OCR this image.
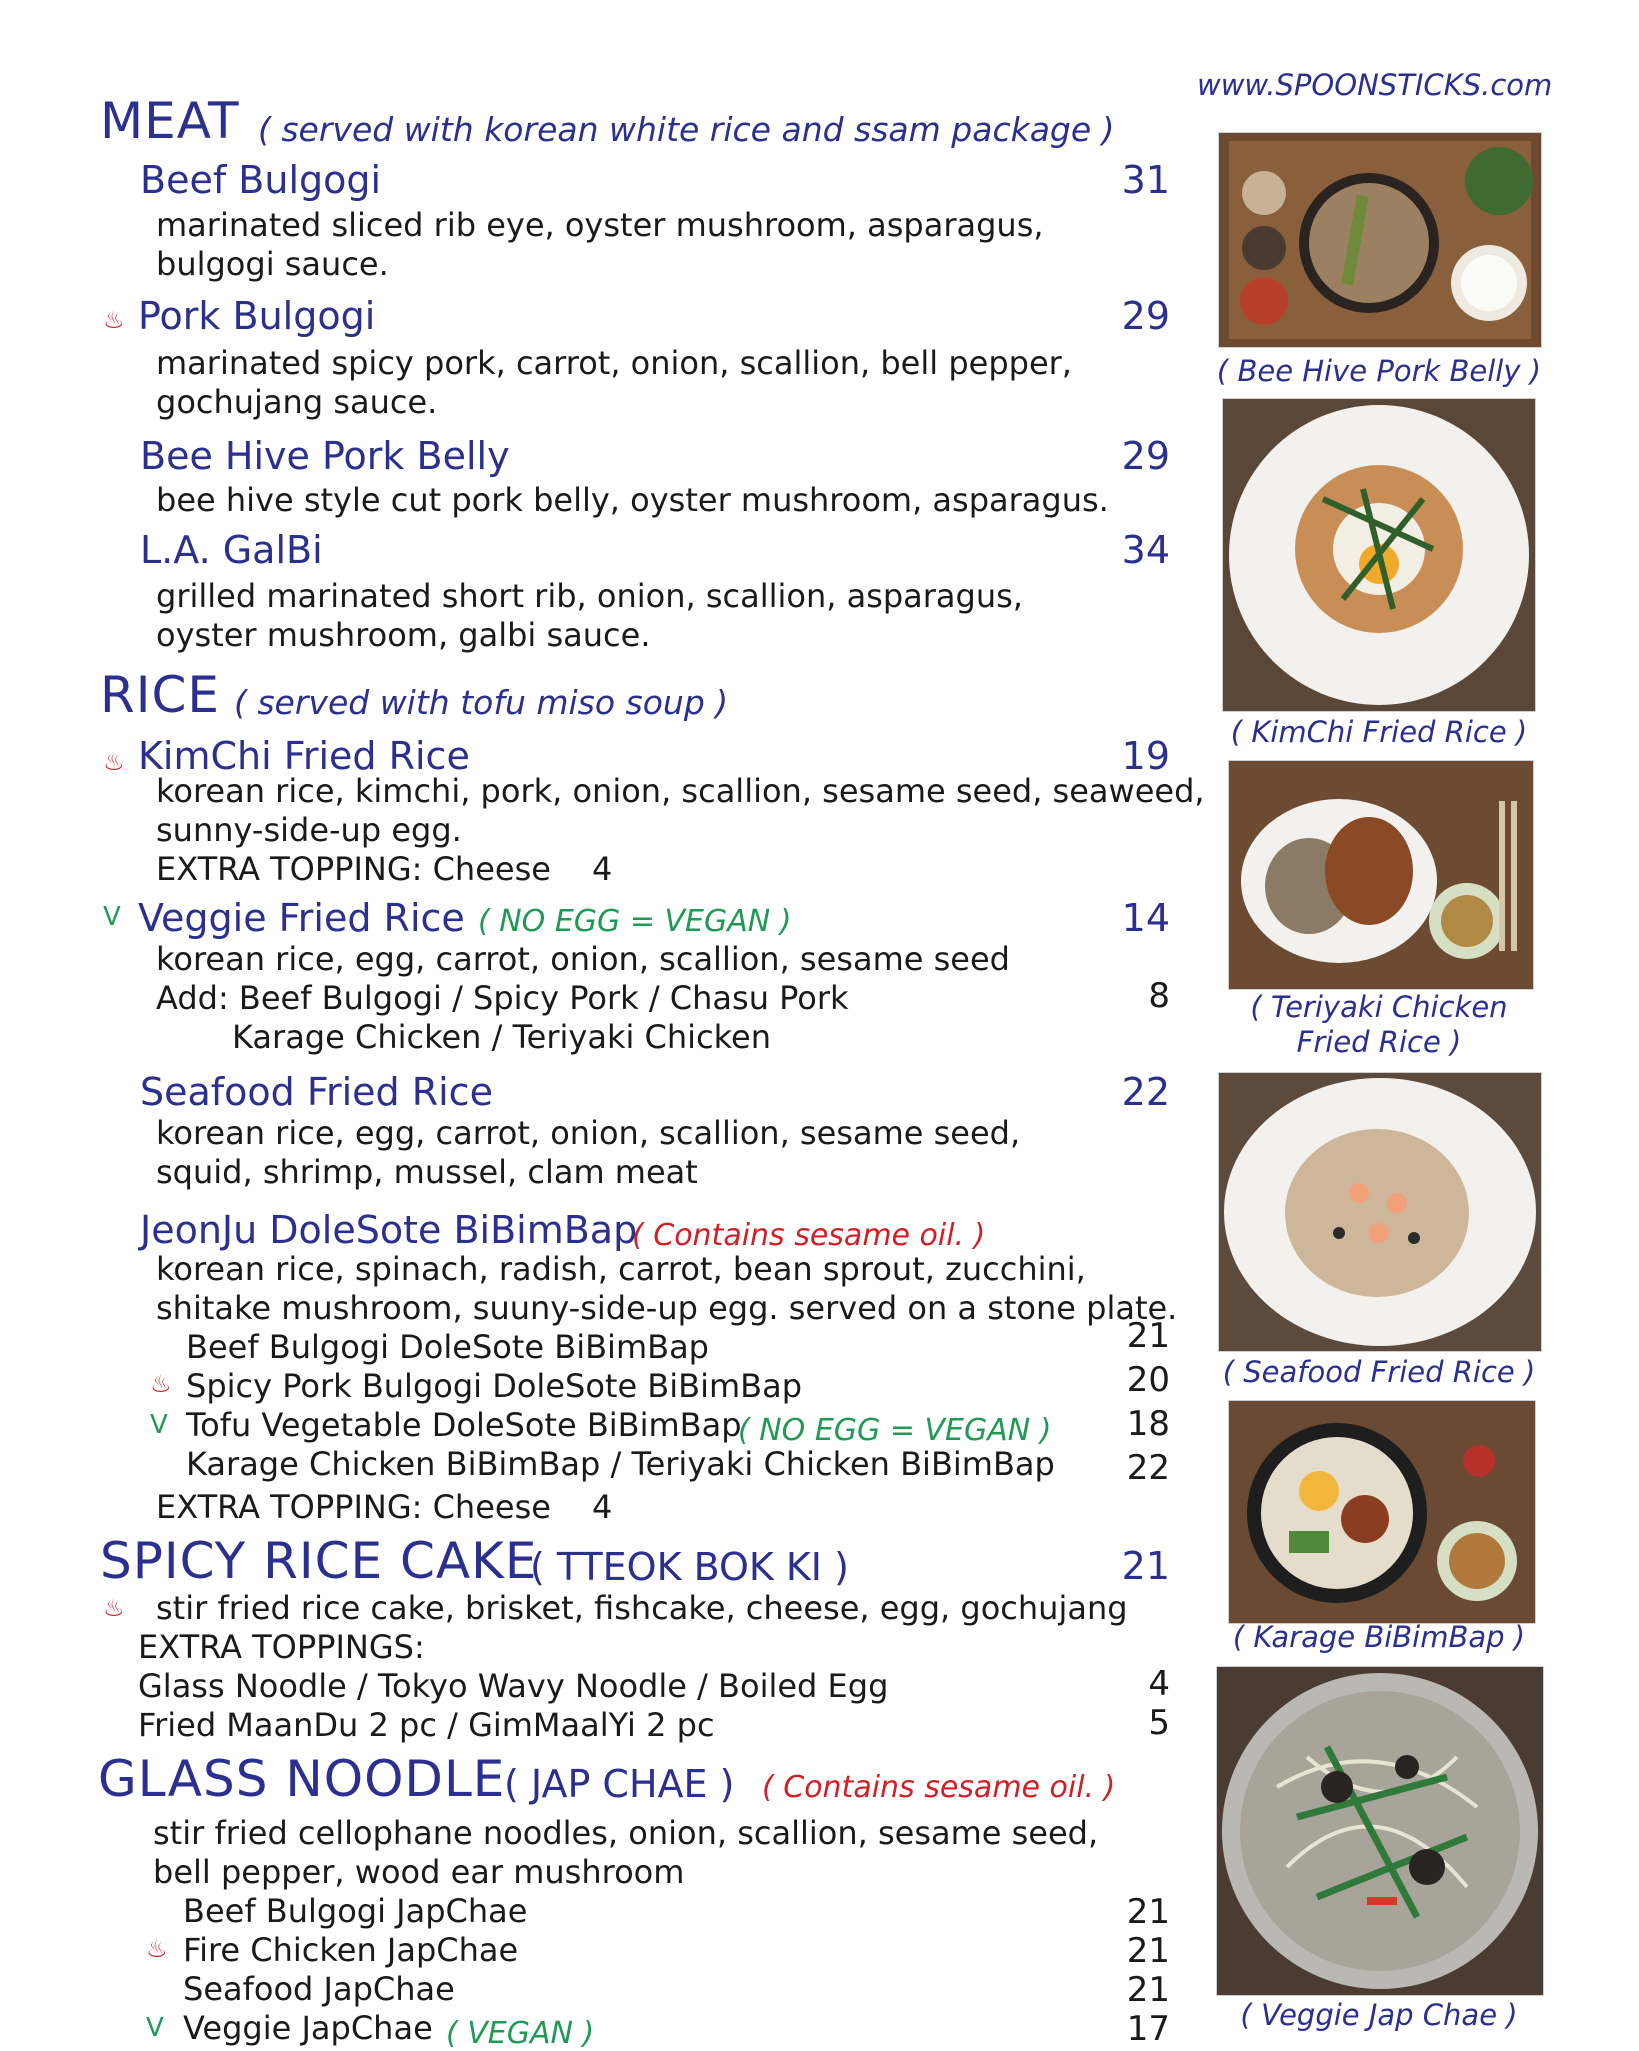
www.SPOONSTICKS.com
MEAT ( served with korean white rice and ssam package )
Beef Bulgogi	31
marinated sliced rib eye, oyster mushroom, asparagus,
bulgogi sauce.
♨ Pork Bulgogi	29
marinated spicy pork, carrot, onion, scallion, bell pepper,
gochujang sauce.
Bee Hive Pork Belly	29
bee hive style cut pork belly, oyster mushroom, asparagus.
L.A. GalBi	34
grilled marinated short rib, onion, scallion, asparagus,
oyster mushroom, galbi sauce.
RICE ( served with tofu miso soup )
♨ KimChi Fried Rice	19
korean rice, kimchi, pork, onion, scallion, sesame seed, seaweed,
sunny-side-up egg.
EXTRA TOPPING: Cheese 4
V Veggie Fried Rice ( NO EGG = VEGAN )	14
korean rice, egg, carrot, onion, scallion, sesame seed
Add: Beef Bulgogi / Spicy Pork / Chasu Pork	8
Karage Chicken / Teriyaki Chicken
Seafood Fried Rice	22
korean rice, egg, carrot, onion, scallion, sesame seed,
squid, shrimp, mussel, clam meat
JeonJu DoleSote BiBimBap
( Contains sesame oil. )
korean rice, spinach, radish, carrot, bean sprout, zucchini,
shitake mushroom, suuny-side-up egg. served on a stone plate.
Beef Bulgogi DoleSote BiBimBap	21
♨ Spicy Pork Bulgogi DoleSote BiBimBap	20
V Tofu Vegetable DoleSote BiBimBap
( NO EGG = VEGAN )	18
Karage Chicken BiBimBap / Teriyaki Chicken BiBimBap	22
EXTRA TOPPING: Cheese 4
SPICY RICE CAKE
( TTEOK BOK KI )	21
♨ stir fried rice cake, brisket, fishcake, cheese, egg, gochujang
EXTRA TOPPINGS:
Glass Noodle / Tokyo Wavy Noodle / Boiled Egg	4
Fried MaanDu 2 pc / GimMaalYi 2 pc	5
GLASS NOODLE
( JAP CHAE ) ( Contains sesame oil. )
stir fried cellophane noodles, onion, scallion, sesame seed,
bell pepper, wood ear mushroom
Beef Bulgogi JapChae	21
♨ Fire Chicken JapChae	21
Seafood JapChae	21
V Veggie JapChae ( VEGAN )	17
( Bee Hive Pork Belly )
( KimChi Fried Rice )
( Teriyaki Chicken
Fried Rice )
( Seafood Fried Rice )
( Karage BiBimBap )
( Veggie Jap Chae )
